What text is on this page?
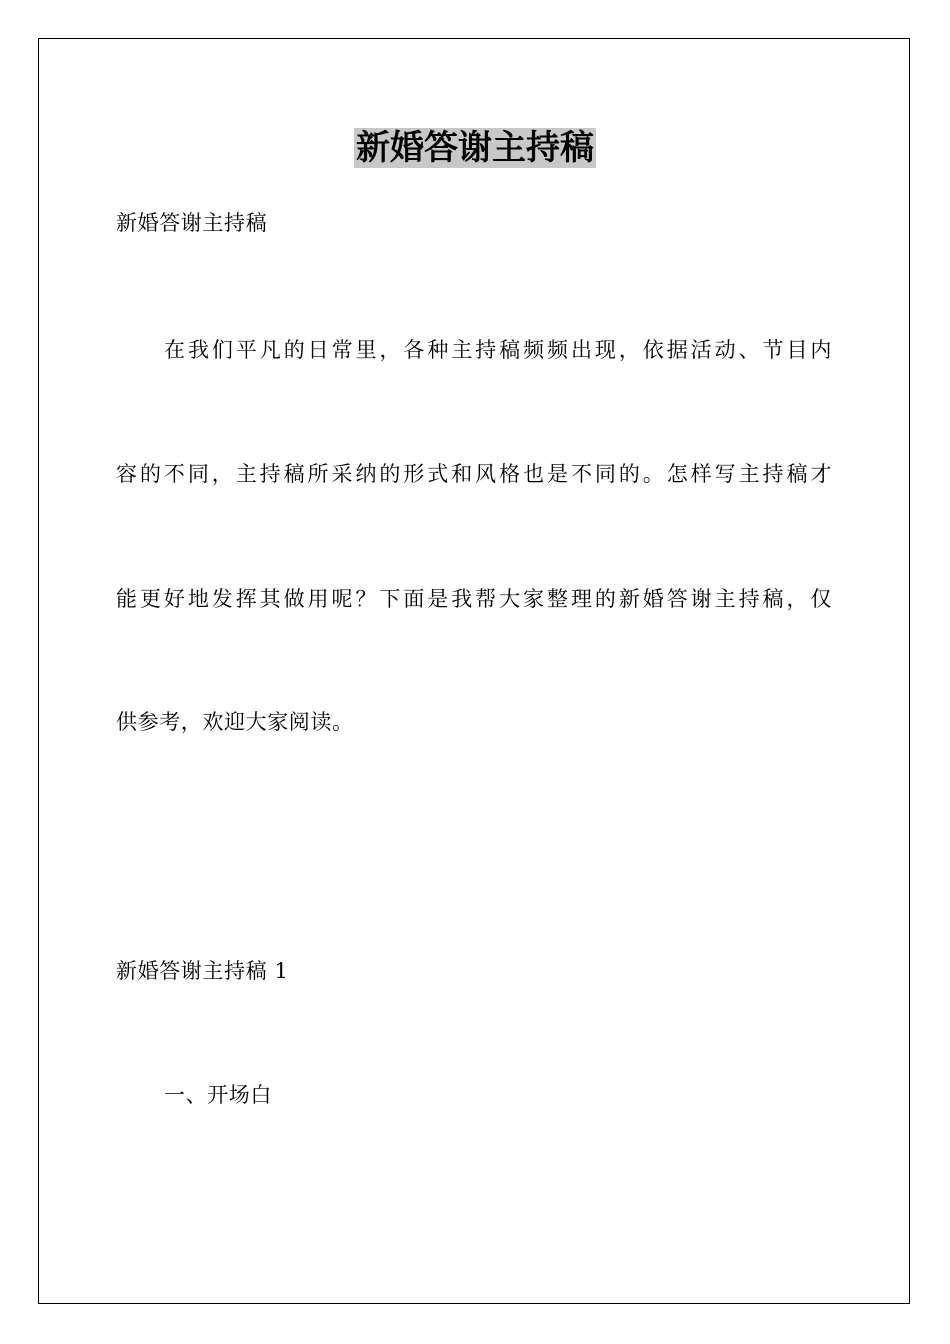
新婚答谢主持稿
新婚答谢主持稿
在我们平凡的日常里，各种主持稿频频出现，依据活动、节目内
容的不同，主持稿所采纳的形式和风格也是不同的。怎样写主持稿才
能更好地发挥其做用呢？下面是我帮大家整理的新婚答谢主持稿，仅
供参考，欢迎大家阅读。
新婚答谢主持稿 1
一、开场白
